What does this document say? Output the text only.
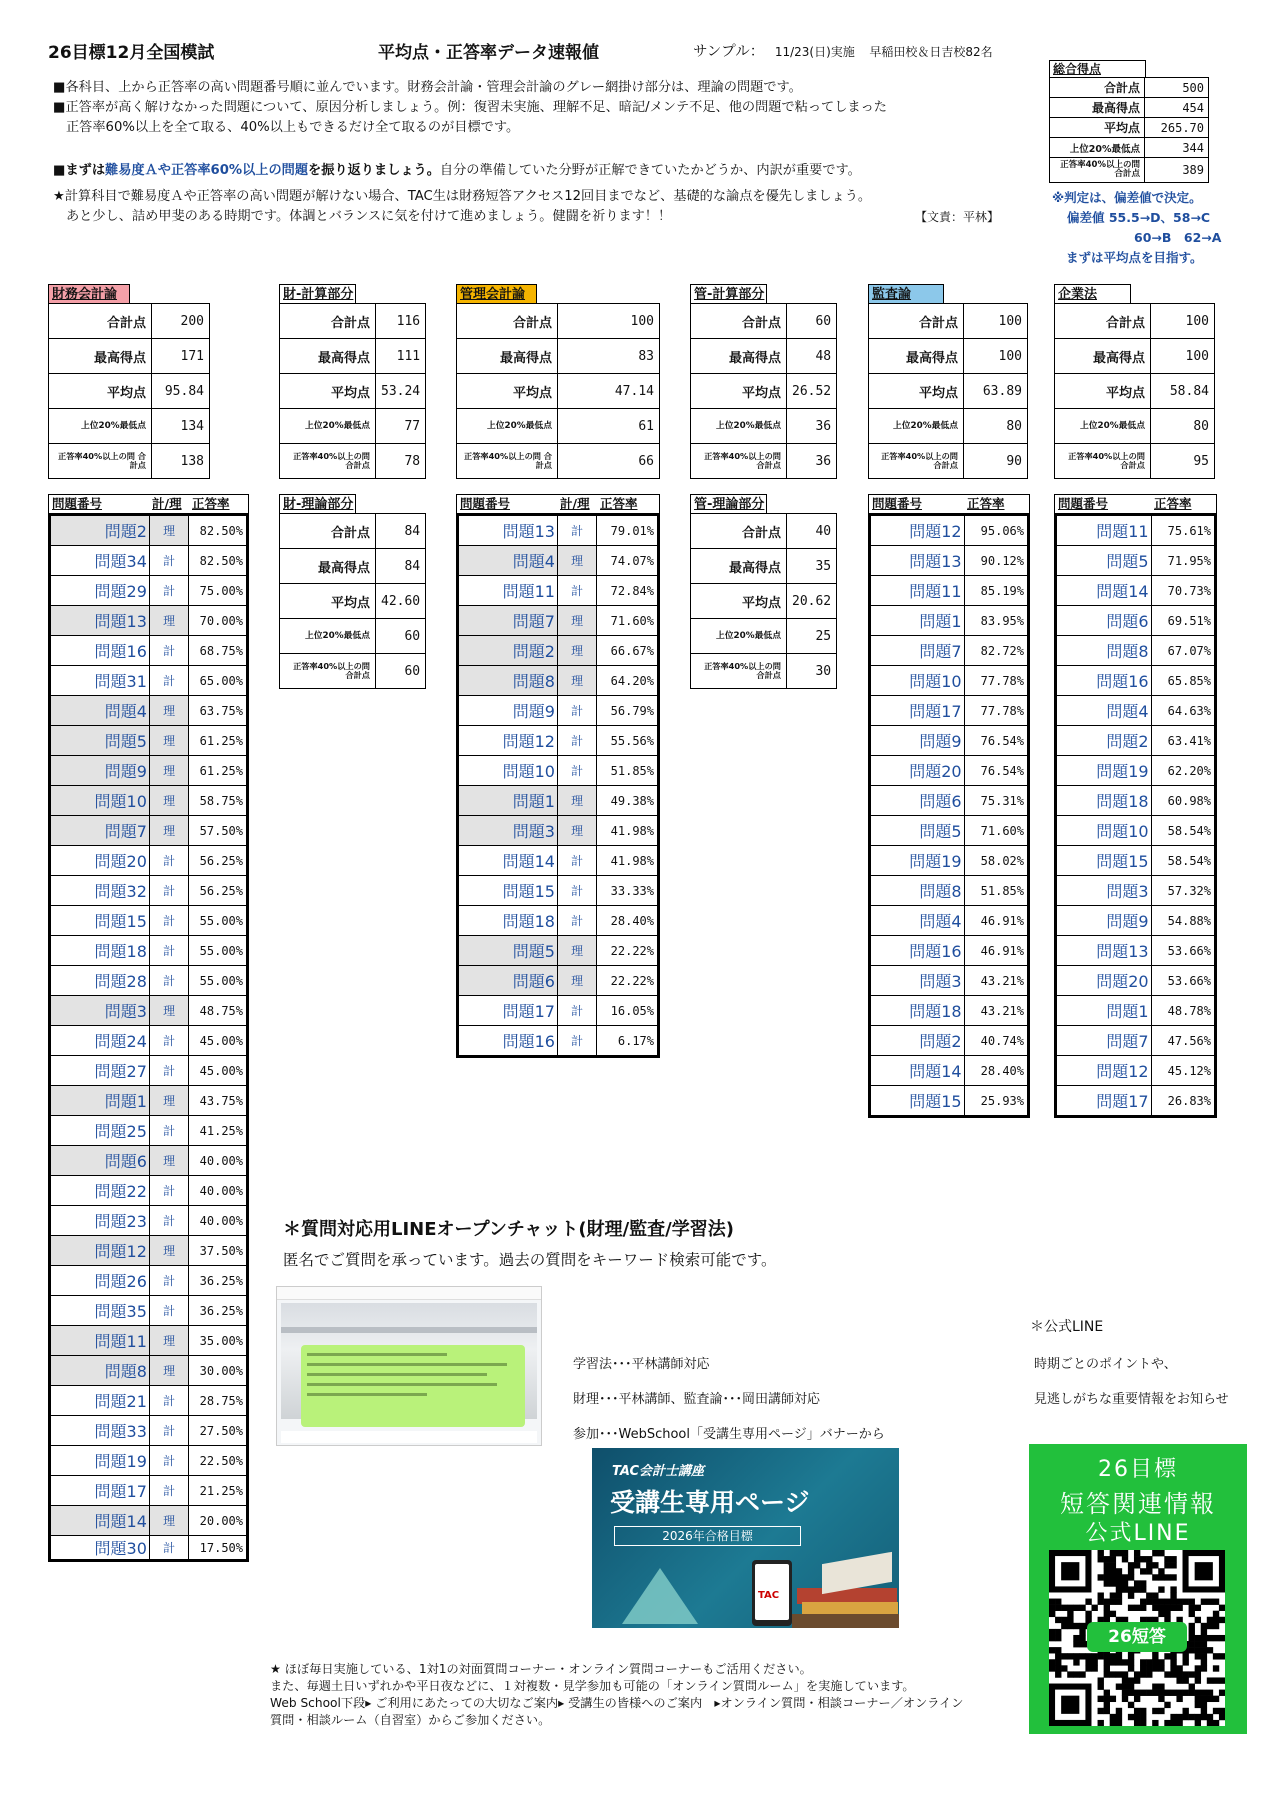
26目標12月全国模試	平均点・正答率データ速報値	サンプル： 11/23(日)実施 早稲田校＆日吉校82名
■各科目、上から正答率の高い問題番号順に並んでいます。財務会計論・管理会計論のグレー網掛け部分は、理論の問題です。
■正答率が高く解けなかった問題について、原因分析しましょう。例：復習未実施、理解不足、暗記/メンテ不足、他の問題で粘ってしまった
正答率60%以上を全て取る、40%以上もできるだけ全て取るのが目標です。
■まずは難易度Ａや正答率60%以上の問題を振り返りましょう。自分の準備していた分野が正解できていたかどうか、内訳が重要です。
★計算科目で難易度Ａや正答率の高い問題が解けない場合、TAC生は財務短答アクセス12回目までなど、基礎的な論点を優先しましょう。
あと少し、詰め甲斐のある時期です。体調とバランスに気を付けて進めましょう。健闘を祈ります！！	【文責：平林】
総合得点
合計点	500
最高得点	454
平均点	265.70
上位20%最低点	344
正答率40%以上の問 合計点	389
※判定は、偏差値で決定。
偏差値 55.5→D、58→C
60→B　62→A
まずは平均点を目指す。
財務会計論
合計点	200
最高得点	171
平均点	95.84
上位20%最低点	134
正答率40%以上の問 合計点	138
財-計算部分
合計点	116
最高得点	111
平均点	53.24
上位20%最低点	77
正答率40%以上の問 合計点	78
管理会計論
合計点	100
最高得点	83
平均点	47.14
上位20%最低点	61
正答率40%以上の問 合計点	66
管-計算部分
合計点	60
最高得点	48
平均点	26.52
上位20%最低点	36
正答率40%以上の問 合計点	36
監査論
合計点	100
最高得点	100
平均点	63.89
上位20%最低点	80
正答率40%以上の問 合計点	90
企業法
合計点	100
最高得点	100
平均点	58.84
上位20%最低点	80
正答率40%以上の問 合計点	95
財-理論部分
合計点	84
最高得点	84
平均点	42.60
上位20%最低点	60
正答率40%以上の問 合計点	60
管-理論部分
合計点	40
最高得点	35
平均点	20.62
上位20%最低点	25
正答率40%以上の問 合計点	30
問題番号	計/理 正答率
問題2	理	82.50%
問題34	計	82.50%
問題29	計	75.00%
問題13	理	70.00%
問題16	計	68.75%
問題31	計	65.00%
問題4	理	63.75%
問題5	理	61.25%
問題9	理	61.25%
問題10	理	58.75%
問題7	理	57.50%
問題20	計	56.25%
問題32	計	56.25%
問題15	計	55.00%
問題18	計	55.00%
問題28	計	55.00%
問題3	理	48.75%
問題24	計	45.00%
問題27	計	45.00%
問題1	理	43.75%
問題25	計	41.25%
問題6	理	40.00%
問題22	計	40.00%
問題23	計	40.00%
問題12	理	37.50%
問題26	計	36.25%
問題35	計	36.25%
問題11	理	35.00%
問題8	理	30.00%
問題21	計	28.75%
問題33	計	27.50%
問題19	計	22.50%
問題17	計	21.25%
問題14	理	20.00%
問題30	計	17.50%
問題番号	計/理 正答率
問題13	計	79.01%
問題4	理	74.07%
問題11	計	72.84%
問題7	理	71.60%
問題2	理	66.67%
問題8	理	64.20%
問題9	計	56.79%
問題12	計	55.56%
問題10	計	51.85%
問題1	理	49.38%
問題3	理	41.98%
問題14	計	41.98%
問題15	計	33.33%
問題18	計	28.40%
問題5	理	22.22%
問題6	理	22.22%
問題17	計	16.05%
問題16	計	6.17%
問題番号	正答率
問題12	95.06%
問題13	90.12%
問題11	85.19%
問題1	83.95%
問題7	82.72%
問題10	77.78%
問題17	77.78%
問題9	76.54%
問題20	76.54%
問題6	75.31%
問題5	71.60%
問題19	58.02%
問題8	51.85%
問題4	46.91%
問題16	46.91%
問題3	43.21%
問題18	43.21%
問題2	40.74%
問題14	28.40%
問題15	25.93%
問題番号	正答率
問題11	75.61%
問題5	71.95%
問題14	70.73%
問題6	69.51%
問題8	67.07%
問題16	65.85%
問題4	64.63%
問題2	63.41%
問題19	62.20%
問題18	60.98%
問題10	58.54%
問題15	58.54%
問題3	57.32%
問題9	54.88%
問題13	53.66%
問題20	53.66%
問題1	48.78%
問題7	47.56%
問題12	45.12%
問題17	26.83%
＊質問対応用LINEオープンチャット(財理/監査/学習法)
匿名でご質問を承っています。過去の質問をキーワード検索可能です。
学習法･･･平林講師対応
財理･･･平林講師、監査論･･･岡田講師対応
参加･･･WebSchool「受講生専用ページ」バナーから
TAC会計士講座
受講生専用ページ
2026年合格目標
TAC
＊公式LINE
時期ごとのポイントや、
見逃しがちな重要情報をお知らせ
26目標
短答関連情報
公式LINE
26短答
★ ほぼ毎日実施している、1対1の対面質問コーナー・オンライン質問コーナーもご活用ください。
また、毎週土日いずれかや平日夜などに、１対複数・見学参加も可能の「オンライン質問ルーム」を実施しています。
Web School下段▸ ご利用にあたっての大切なご案内▸ 受講生の皆様へのご案内　▸オンライン質問・相談コーナー／オンライン
質問・相談ルーム（自習室）からご参加ください。
